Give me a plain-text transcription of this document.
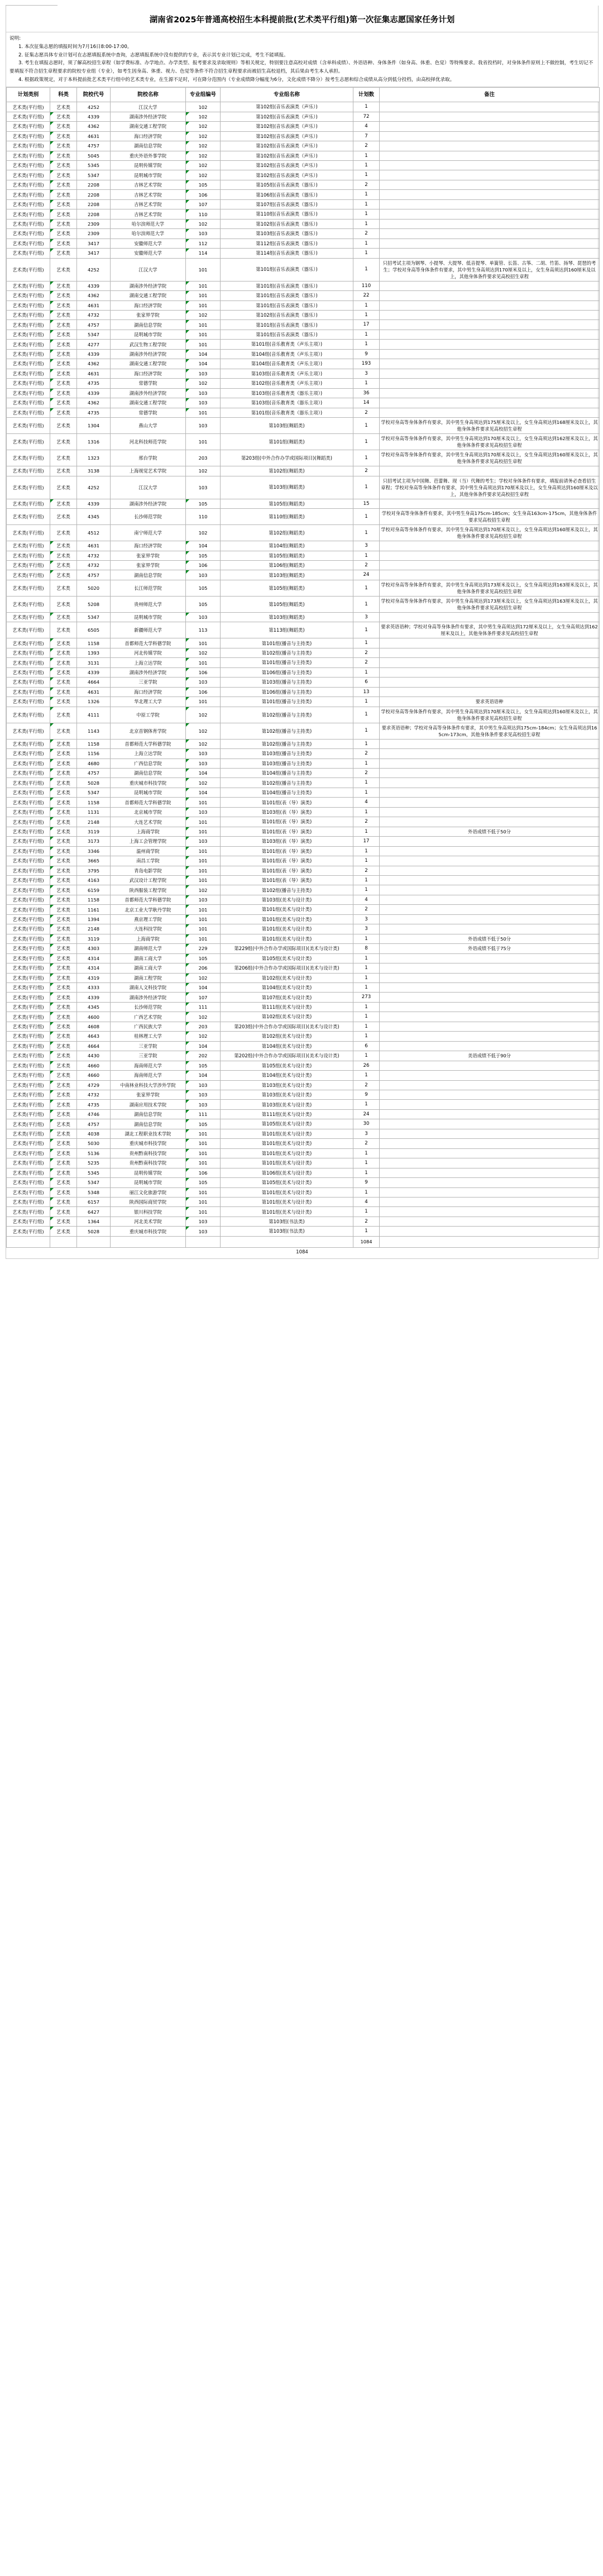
湖南省2025年普通高校招生本科提前批(艺术类平行组)第一次征集志愿国家任务计划
说明:
1. 本次征集志愿的填报时间为7月16日8:00-17:00。
2. 征集志愿具体专业计划可在志愿填报系统中查询，志愿填报系统中没有提供的专业，表示其专业计划已完成，考生不能填报。
3. 考生在填报志愿时，须了解高校招生章程（如学费标准、办学地点、办学类型、报考要求及录取规则）等相关规定，特别要注意高校对成绩（含单科成绩）、外语语种、身体条件（如身高、体重、色觉）等特殊要求。我省投档时，对身体条件原则上不做控制，考生切记不要填报不符合招生章程要求的院校专业组（专业），如考生因身高、体重、视力、色觉等条件不符合招生章程要求而被招生高校退档，其后果由考生本人承担。
4. 根据政策规定，对于本科提前批艺术类平行组中的艺术类专业，在生源不足时，可在降分范围内（专业成绩降分幅度为6分，文化成绩不降分）按考生志愿和综合成绩从高分到低分投档，由高校择优录取。
计划类别	科类	院校代号	院校名称	专业组编号	专业组名称	计划数	备注
艺术类(平行组)	艺术类	4252	江汉大学	102	第102组(音乐表演类（声乐）)	1	
艺术类(平行组)	艺术类	4339	湖南涉外经济学院	102	第102组(音乐表演类（声乐）)	72	
艺术类(平行组)	艺术类	4362	湖南交通工程学院	102	第102组(音乐表演类（声乐）)	4	
艺术类(平行组)	艺术类	4631	海口经济学院	102	第102组(音乐表演类（声乐）)	7	
艺术类(平行组)	艺术类	4757	湖南信息学院	102	第102组(音乐表演类（声乐）)	2	
艺术类(平行组)	艺术类	5045	重庆外语外事学院	102	第102组(音乐表演类（声乐）)	1	
艺术类(平行组)	艺术类	5345	昆明传媒学院	102	第102组(音乐表演类（声乐）)	1	
艺术类(平行组)	艺术类	5347	昆明城市学院	102	第102组(音乐表演类（声乐）)	1	
艺术类(平行组)	艺术类	2208	吉林艺术学院	105	第105组(音乐表演类（器乐）)	2	
艺术类(平行组)	艺术类	2208	吉林艺术学院	106	第106组(音乐表演类（器乐）)	1	
艺术类(平行组)	艺术类	2208	吉林艺术学院	107	第107组(音乐表演类（器乐）)	1	
艺术类(平行组)	艺术类	2208	吉林艺术学院	110	第110组(音乐表演类（器乐）)	1	
艺术类(平行组)	艺术类	2309	哈尔滨师范大学	102	第102组(音乐表演类（器乐）)	1	
艺术类(平行组)	艺术类	2309	哈尔滨师范大学	103	第103组(音乐表演类（器乐）)	2	
艺术类(平行组)	艺术类	3417	安徽师范大学	112	第112组(音乐表演类（器乐）)	1	
艺术类(平行组)	艺术类	3417	安徽师范大学	114	第114组(音乐表演类（器乐）)	1	
艺术类(平行组)	艺术类	4252	江汉大学	101	第101组(音乐表演类（器乐）)	1	只招考试主项为钢琴、小提琴、大提琴、低音提琴、单簧管、长笛、古筝、二胡、竹笛、扬琴、琵琶的考生；学校对身高等身体条件有要求，其中男生身高须达到170厘米及以上，女生身高须达到160厘米及以上，其他身体条件要求见高校招生章程
艺术类(平行组)	艺术类	4339	湖南涉外经济学院	101	第101组(音乐表演类（器乐）)	110	
艺术类(平行组)	艺术类	4362	湖南交通工程学院	101	第101组(音乐表演类（器乐）)	22	
艺术类(平行组)	艺术类	4631	海口经济学院	101	第101组(音乐表演类（器乐）)	1	
艺术类(平行组)	艺术类	4732	张家界学院	102	第102组(音乐表演类（器乐）)	1	
艺术类(平行组)	艺术类	4757	湖南信息学院	101	第101组(音乐表演类（器乐）)	17	
艺术类(平行组)	艺术类	5347	昆明城市学院	101	第101组(音乐表演类（器乐）)	1	
艺术类(平行组)	艺术类	4277	武汉生物工程学院	101	第101组(音乐教育类（声乐主项）)	1	
艺术类(平行组)	艺术类	4339	湖南涉外经济学院	104	第104组(音乐教育类（声乐主项）)	9	
艺术类(平行组)	艺术类	4362	湖南交通工程学院	104	第104组(音乐教育类（声乐主项）)	193	
艺术类(平行组)	艺术类	4631	海口经济学院	103	第103组(音乐教育类（声乐主项）)	3	
艺术类(平行组)	艺术类	4735	常德学院	102	第102组(音乐教育类（声乐主项）)	1	
艺术类(平行组)	艺术类	4339	湖南涉外经济学院	103	第103组(音乐教育类（器乐主项）)	36	
艺术类(平行组)	艺术类	4362	湖南交通工程学院	103	第103组(音乐教育类（器乐主项）)	14	
艺术类(平行组)	艺术类	4735	常德学院	101	第101组(音乐教育类（器乐主项）)	2	
艺术类(平行组)	艺术类	1304	燕山大学	103	第103组(舞蹈类)	1	学校对身高等身体条件有要求，其中男生身高须达到175厘米及以上，女生身高须达到168厘米及以上，其他身体条件要求见高校招生章程
艺术类(平行组)	艺术类	1316	河北科技师范学院	101	第101组(舞蹈类)	1	学校对身高等身体条件有要求，其中男生身高须达到170厘米及以上，女生身高须达到162厘米及以上，其他身体条件要求见高校招生章程
艺术类(平行组)	艺术类	1323	邢台学院	203	第203组(中外合作办学或国际项目)(舞蹈类)	1	学校对身高等身体条件有要求，其中男生身高须达到170厘米及以上，女生身高须达到160厘米及以上，其他身体条件要求见高校招生章程
艺术类(平行组)	艺术类	3138	上海视觉艺术学院	102	第102组(舞蹈类)	2	
艺术类(平行组)	艺术类	4252	江汉大学	103	第103组(舞蹈类)	1	只招考试主项为中国舞、芭蕾舞、现（当）代舞的考生；学校对身体条件有要求，填报前请务必查看招生章程；学校对身高等身体条件有要求，其中男生身高须达到170厘米及以上，女生身高须达到160厘米及以上，其他身体条件要求见高校招生章程
艺术类(平行组)	艺术类	4339	湖南涉外经济学院	105	第105组(舞蹈类)	15	
艺术类(平行组)	艺术类	4345	长沙师范学院	110	第110组(舞蹈类)	1	学校对身高等身体条件有要求，其中男生身高175cm-185cm；女生身高163cm-175cm，其他身体条件要求见高校招生章程
艺术类(平行组)	艺术类	4512	南宁师范大学	102	第102组(舞蹈类)	1	学校对身高等身体条件有要求，其中男生身高须达到170厘米及以上，女生身高须达到160厘米及以上，其他身体条件要求见高校招生章程
艺术类(平行组)	艺术类	4631	海口经济学院	104	第104组(舞蹈类)	3	
艺术类(平行组)	艺术类	4732	张家界学院	105	第105组(舞蹈类)	1	
艺术类(平行组)	艺术类	4732	张家界学院	106	第106组(舞蹈类)	2	
艺术类(平行组)	艺术类	4757	湖南信息学院	103	第103组(舞蹈类)	24	
艺术类(平行组)	艺术类	5020	长江师范学院	105	第105组(舞蹈类)	1	学校对身高等身体条件有要求，其中男生身高须达到173厘米及以上，女生身高须达到163厘米及以上，其他身体条件要求见高校招生章程
艺术类(平行组)	艺术类	5208	贵州师范大学	105	第105组(舞蹈类)	1	学校对身高等身体条件有要求，其中男生身高须达到173厘米及以上，女生身高须达到163厘米及以上，其他身体条件要求见高校招生章程
艺术类(平行组)	艺术类	5347	昆明城市学院	103	第103组(舞蹈类)	3	
艺术类(平行组)	艺术类	6505	新疆师范大学	113	第113组(舞蹈类)	1	要求英语语种；学校对身高等身体条件有要求，其中男生身高须达到172厘米及以上，女生身高须达到162厘米及以上，其他身体条件要求见高校招生章程
艺术类(平行组)	艺术类	1158	首都师范大学科德学院	101	第101组(播音与主持类)	1	
艺术类(平行组)	艺术类	1393	河北传媒学院	102	第102组(播音与主持类)	2	
艺术类(平行组)	艺术类	3131	上海立达学院	101	第101组(播音与主持类)	2	
艺术类(平行组)	艺术类	4339	湖南涉外经济学院	106	第106组(播音与主持类)	1	
艺术类(平行组)	艺术类	4664	三亚学院	103	第103组(播音与主持类)	6	
艺术类(平行组)	艺术类	4631	海口经济学院	106	第106组(播音与主持类)	13	
艺术类(平行组)	艺术类	1326	华北理工大学	101	第101组(播音与主持类)	1	要求英语语种
艺术类(平行组)	艺术类	4111	中原工学院	102	第102组(播音与主持类)	1	学校对身高等身体条件有要求，其中男生身高须达到170厘米及以上，女生身高须达到160厘米及以上，其他身体条件要求见高校招生章程
艺术类(平行组)	艺术类	1143	北京首钢体育学院	102	第102组(播音与主持类)	1	要求英语语种；学校对身高等身体条件有要求，其中男生身高须达到175cm-184cm；女生身高须达到165cm-173cm，其他身体条件要求见高校招生章程
艺术类(平行组)	艺术类	1158	首都师范大学科德学院	102	第102组(播音与主持类)	1	
艺术类(平行组)	艺术类	1156	上海立达学院	103	第103组(播音与主持类)	2	
艺术类(平行组)	艺术类	4680	广西信息学院	103	第103组(播音与主持类)	1	
艺术类(平行组)	艺术类	4757	湖南信息学院	104	第104组(播音与主持类)	2	
艺术类(平行组)	艺术类	5028	重庆城市科技学院	102	第102组(播音与主持类)	1	
艺术类(平行组)	艺术类	5347	昆明城市学院	104	第104组(播音与主持类)	1	
艺术类(平行组)	艺术类	1158	首都师范大学科德学院	101	第101组(表（导）演类)	4	
艺术类(平行组)	艺术类	1131	北京城市学院	103	第103组(表（导）演类)	1	
艺术类(平行组)	艺术类	2148	大连艺术学院	101	第101组(表（导）演类)	2	
艺术类(平行组)	艺术类	3119	上海商学院	101	第101组(表（导）演类)	1	外语成绩不低于50分
艺术类(平行组)	艺术类	3173	上海工会管理学院	103	第103组(表（导）演类)	17	
艺术类(平行组)	艺术类	3346	温州商学院	101	第101组(表（导）演类)	1	
艺术类(平行组)	艺术类	3665	南昌工学院	101	第101组(表（导）演类)	1	
艺术类(平行组)	艺术类	3795	青岛电影学院	101	第101组(表（导）演类)	2	
艺术类(平行组)	艺术类	4163	武汉设计工程学院	101	第101组(表（导）演类)	1	
艺术类(平行组)	艺术类	6159	陕西服装工程学院	102	第102组(播音与主持类)	1	
艺术类(平行组)	艺术类	1158	首都师范大学科德学院	103	第103组(美术与设计类)	4	
艺术类(平行组)	艺术类	1161	北京工业大学耿丹学院	101	第101组(美术与设计类)	2	
艺术类(平行组)	艺术类	1394	燕京理工学院	101	第101组(美术与设计类)	3	
艺术类(平行组)	艺术类	2148	大连科技学院	101	第101组(美术与设计类)	3	
艺术类(平行组)	艺术类	3119	上海商学院	101	第101组(美术与设计类)	1	外语成绩不低于50分
艺术类(平行组)	艺术类	4303	湖南师范大学	229	第229组(中外合作办学或国际项目)(美术与设计类)	8	外语成绩不低于75分
艺术类(平行组)	艺术类	4314	湖南工商大学	105	第105组(美术与设计类)	1	
艺术类(平行组)	艺术类	4314	湖南工商大学	206	第206组(中外合作办学或国际项目)(美术与设计类)	1	
艺术类(平行组)	艺术类	4319	湖南工程学院	102	第102组(美术与设计类)	1	
艺术类(平行组)	艺术类	4333	湖南人文科技学院	104	第104组(美术与设计类)	1	
艺术类(平行组)	艺术类	4339	湖南涉外经济学院	107	第107组(美术与设计类)	273	
艺术类(平行组)	艺术类	4345	长沙师范学院	111	第111组(美术与设计类)	1	
艺术类(平行组)	艺术类	4600	广西艺术学院	102	第102组(美术与设计类)	1	
艺术类(平行组)	艺术类	4608	广西民族大学	203	第203组(中外合作办学或国际项目)(美术与设计类)	1	
艺术类(平行组)	艺术类	4643	桂林理工大学	102	第102组(美术与设计类)	1	
艺术类(平行组)	艺术类	4664	三亚学院	104	第104组(美术与设计类)	6	
艺术类(平行组)	艺术类	4430	三亚学院	202	第202组(中外合作办学或国际项目)(美术与设计类)	1	美语成绩不低于90分
艺术类(平行组)	艺术类	4660	海南师范大学	105	第105组(美术与设计类)	26	
艺术类(平行组)	艺术类	4660	海南师范大学	104	第104组(美术与设计类)	1	
艺术类(平行组)	艺术类	4729	中南林业科技大学涉外学院	103	第103组(美术与设计类)	2	
艺术类(平行组)	艺术类	4732	张家界学院	103	第103组(美术与设计类)	9	
艺术类(平行组)	艺术类	4735	湖南应用技术学院	103	第103组(美术与设计类)	1	
艺术类(平行组)	艺术类	4746	湖南信息学院	111	第111组(美术与设计类)	24	
艺术类(平行组)	艺术类	4757	湖南信息学院	105	第105组(美术与设计类)	30	
艺术类(平行组)	艺术类	4038	湖北工程职业技术学院	101	第101组(美术与设计类)	3	
艺术类(平行组)	艺术类	5030	重庆城市科技学院	101	第101组(美术与设计类)	2	
艺术类(平行组)	艺术类	5136	贵州黔南科技学院	101	第101组(美术与设计类)	1	
艺术类(平行组)	艺术类	5235	贵州黔南科技学院	101	第101组(美术与设计类)	1	
艺术类(平行组)	艺术类	5345	昆明传媒学院	106	第106组(美术与设计类)	1	
艺术类(平行组)	艺术类	5347	昆明城市学院	105	第105组(美术与设计类)	9	
艺术类(平行组)	艺术类	5348	丽江文化旅游学院	101	第101组(美术与设计类)	1	
艺术类(平行组)	艺术类	6157	陕西国际商贸学院	101	第101组(美术与设计类)	4	
艺术类(平行组)	艺术类	6427	银川科技学院	101	第101组(美术与设计类)	1	
艺术类(平行组)	艺术类	1364	河北美术学院	103	第103组(书法类)	2	
艺术类(平行组)	艺术类	5028	重庆城市科技学院	103	第103组(书法类)	1	
						1084	
1084
